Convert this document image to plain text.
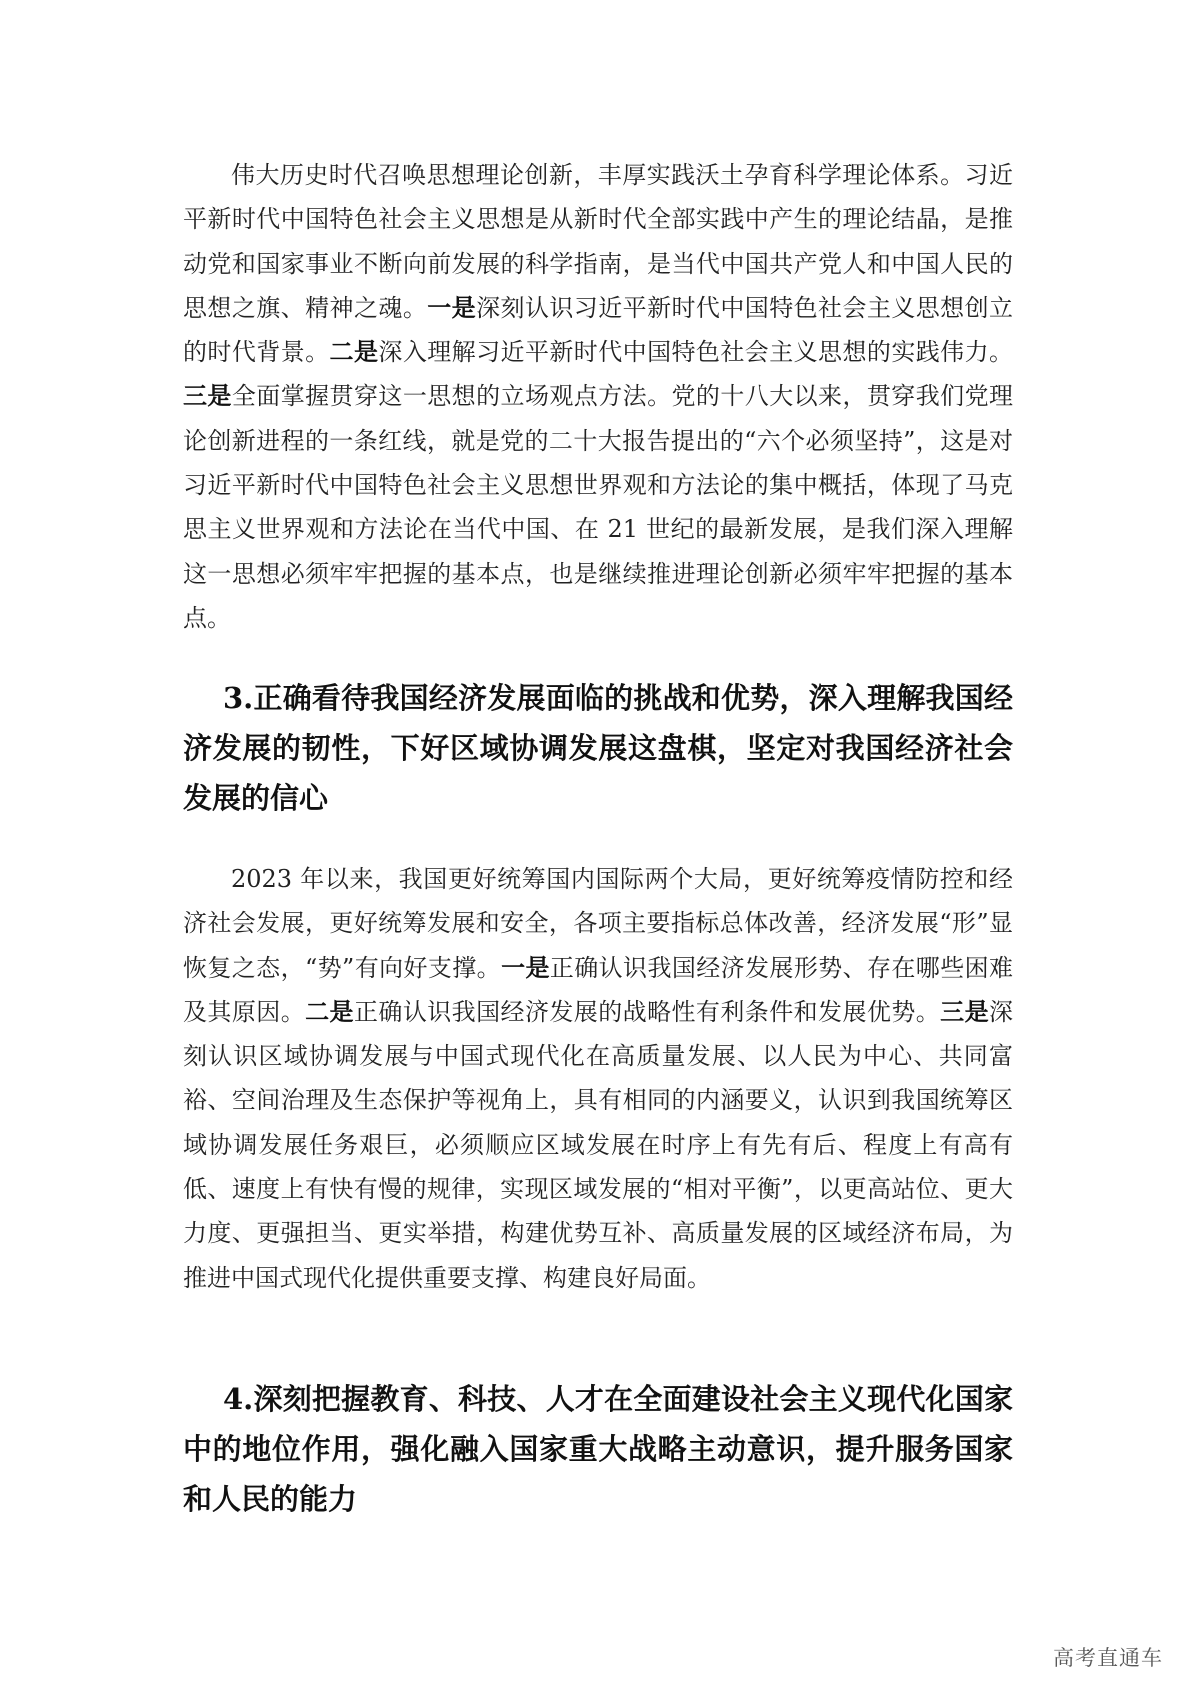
伟大历史时代召唤思想理论创新，丰厚实践沃土孕育科学理论体系。习近平新时代中国特色社会主义思想是从新时代全部实践中产生的理论结晶，是推动党和国家事业不断向前发展的科学指南，是当代中国共产党人和中国人民的思想之旗、精神之魂。一是深刻认识习近平新时代中国特色社会主义思想创立的时代背景。二是深入理解习近平新时代中国特色社会主义思想的实践伟力。三是全面掌握贯穿这一思想的立场观点方法。党的十八大以来，贯穿我们党理论创新进程的一条红线，就是党的二十大报告提出的“六个必须坚持”，这是对习近平新时代中国特色社会主义思想世界观和方法论的集中概括，体现了马克思主义世界观和方法论在当代中国、在 21 世纪的最新发展，是我们深入理解这一思想必须牢牢把握的基本点，也是继续推进理论创新必须牢牢把握的基本点。

3.正确看待我国经济发展面临的挑战和优势，深入理解我国经济发展的韧性，下好区域协调发展这盘棋，坚定对我国经济社会发展的信心

2023 年以来，我国更好统筹国内国际两个大局，更好统筹疫情防控和经济社会发展，更好统筹发展和安全，各项主要指标总体改善，经济发展“形”显恢复之态，“势”有向好支撑。一是正确认识我国经济发展形势、存在哪些困难及其原因。二是正确认识我国经济发展的战略性有利条件和发展优势。三是深刻认识区域协调发展与中国式现代化在高质量发展、以人民为中心、共同富裕、空间治理及生态保护等视角上，具有相同的内涵要义，认识到我国统筹区域协调发展任务艰巨，必须顺应区域发展在时序上有先有后、程度上有高有低、速度上有快有慢的规律，实现区域发展的“相对平衡”，以更高站位、更大力度、更强担当、更实举措，构建优势互补、高质量发展的区域经济布局，为推进中国式现代化提供重要支撑、构建良好局面。

4.深刻把握教育、科技、人才在全面建设社会主义现代化国家中的地位作用，强化融入国家重大战略主动意识，提升服务国家和人民的能力

高考直通车
